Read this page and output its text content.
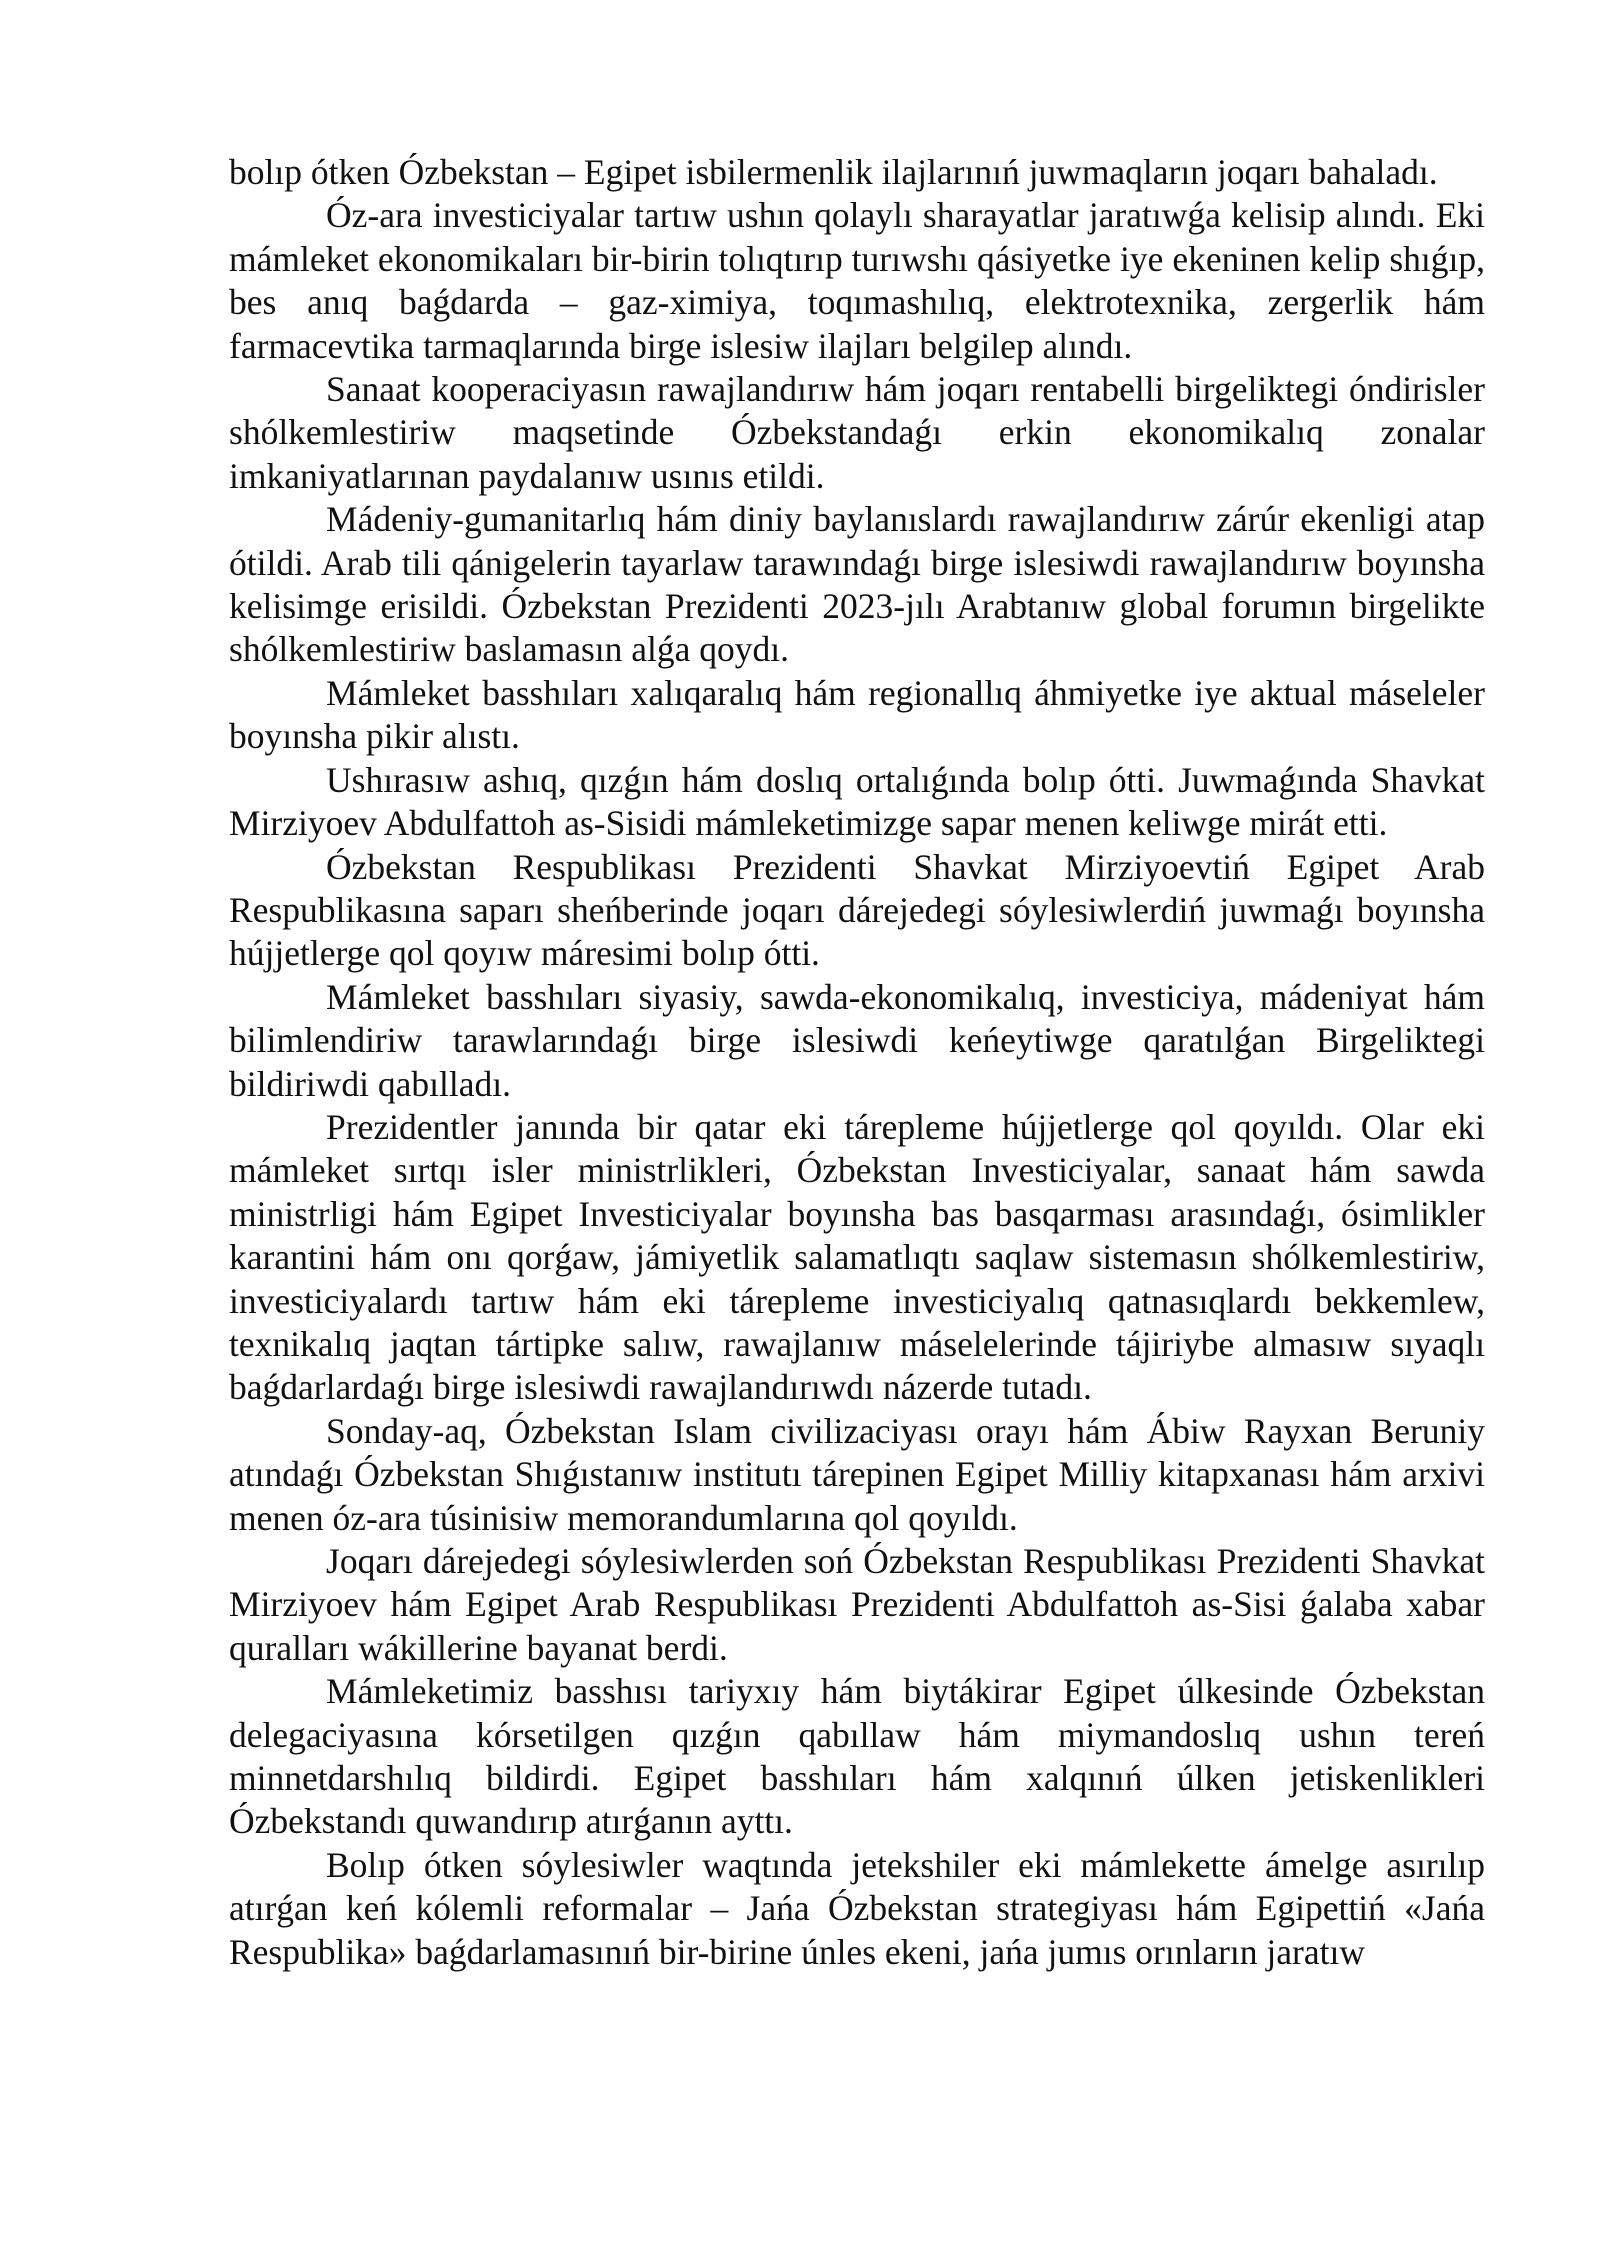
bolıp ótken Ózbekstan – Egipet isbilermenlik ilajlarınıń juwmaqların joqarı bahaladı.

Óz-ara investiciyalar tartıw ushın qolaylı sharayatlar jaratıwǵa kelisip alındı. Eki mámleket ekonomikaları bir-birin tolıqtırıp turıwshı qásiyetke iye ekeninen kelip shıǵıp, bes anıq baǵdarda – gaz-ximiya, toqımashılıq, elektrotexnika, zergerlik hám farmacevtika tarmaqlarında birge islesiw ilajları belgilep alındı.

Sanaat kooperaciyasın rawajlandırıw hám joqarı rentabelli birgeliktegi óndirisler shólkemlestiriw maqsetinde Ózbekstandaǵı erkin ekonomikalıq zonalar imkaniyatlarınan paydalanıw usınıs etildi.

Mádeniy-gumanitarlıq hám diniy baylanıslardı rawajlandırıw zárúr ekenligi atap ótildi. Arab tili qánigelerin tayarlaw tarawındaǵı birge islesiwdi rawajlandırıw boyınsha kelisimge erisildi. Ózbekstan Prezidenti 2023-jılı Arabtanıw global forumın birgelikte shólkemlestiriw baslamasın alǵa qoydı.

Mámleket basshıları xalıqaralıq hám regionallıq áhmiyetke iye aktual máseleler boyınsha pikir alıstı.

Ushırasıw ashıq, qızǵın hám doslıq ortalıǵında bolıp ótti. Juwmaǵında Shavkat Mirziyoev Abdulfattoh as-Sisidi mámleketimizge sapar menen keliwge mirát etti.

Ózbekstan Respublikası Prezidenti Shavkat Mirziyoevtiń Egipet Arab Respublikasına saparı sheńberinde joqarı dárejedegi sóylesiwlerdiń juwmaǵı boyınsha hújjetlerge qol qoyıw máresimi bolıp ótti.

Mámleket basshıları siyasiy, sawda-ekonomikalıq, investiciya, mádeniyat hám bilimlendiriw tarawlarındaǵı birge islesiwdi keńeytiwge qaratılǵan Birgeliktegi bildiriwdi qabılladı.

Prezidentler janında bir qatar eki tárepleme hújjetlerge qol qoyıldı. Olar eki mámleket sırtqı isler ministrlikleri, Ózbekstan Investiciyalar, sanaat hám sawda ministrligi hám Egipet Investiciyalar boyınsha bas basqarması arasındaǵı, ósimlikler karantini hám onı qorǵaw, jámiyetlik salamatlıqtı saqlaw sistemasın shólkemlestiriw, investiciyalardı tartıw hám eki tárepleme investiciyalıq qatnasıqlardı bekkemlew, texnikalıq jaqtan tártipke salıw, rawajlanıw máselelerinde tájiriybe almasıw sıyaqlı baǵdarlardaǵı birge islesiwdi rawajlandırıwdı názerde tutadı.

Sonday-aq, Ózbekstan Islam civilizaciyası orayı hám Ábiw Rayxan Beruniy atındaǵı Ózbekstan Shıǵıstanıw institutı tárepinen Egipet Milliy kitapxanası hám arxivi menen óz-ara túsinisiw memorandumlarına qol qoyıldı.

Joqarı dárejedegi sóylesiwlerden soń Ózbekstan Respublikası Prezidenti Shavkat Mirziyoev hám Egipet Arab Respublikası Prezidenti Abdulfattoh as-Sisi ǵalaba xabar quralları wákillerine bayanat berdi.

Mámleketimiz basshısı tariyxıy hám biytákirar Egipet úlkesinde Ózbekstan delegaciyasına kórsetilgen qızǵın qabıllaw hám miymandoslıq ushın tereń minnetdarshılıq bildirdi. Egipet basshıları hám xalqınıń úlken jetiskenlikleri Ózbekstandı quwandırıp atırǵanın ayttı.

Bolıp ótken sóylesiwler waqtında jetekshiler eki mámlekette ámelge asırılıp atırǵan keń kólemli reformalar – Jańa Ózbekstan strategiyası hám Egipettiń «Jańa Respublika» baǵdarlamasınıń bir-birine únles ekeni, jańa jumıs orınların jaratıw
